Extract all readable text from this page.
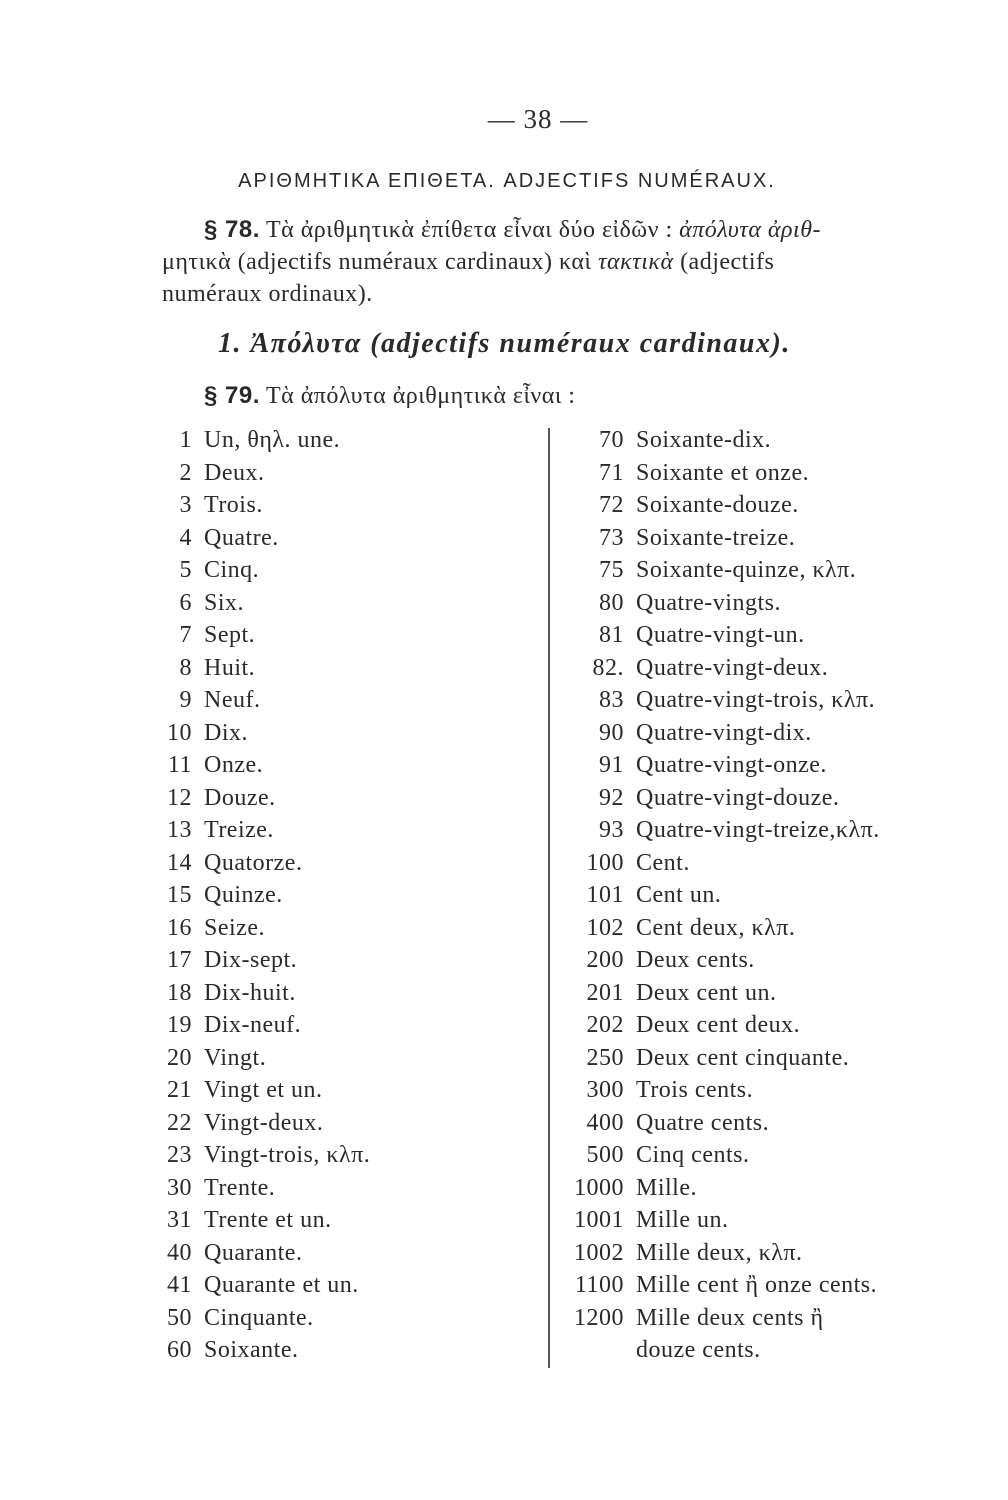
— 38 —
ΑΡΙΘΜΗΤΙΚΑ ΕΠΙΘΕΤΑ. ADJECTIFS NUMÉRAUX.
§ 78. Τὰ ἀριθμητικὰ ἐπίθετα εἶναι δύο εἰδῶν : ἀπόλυτα ἀριθ-
μητικὰ (adjectifs numéraux cardinaux) καὶ τακτικὰ (adjectifs
numéraux ordinaux).
1. Ἀπόλυτα (adjectifs numéraux cardinaux).
§ 79. Τὰ ἀπόλυτα ἀριθμητικὰ εἶναι :
1 Un, θηλ. une.
2 Deux.
3 Trois.
4 Quatre.
5 Cinq.
6 Six.
7 Sept.
8 Huit.
9 Neuf.
10 Dix.
11 Onze.
12 Douze.
13 Treize.
14 Quatorze.
15 Quinze.
16 Seize.
17 Dix-sept.
18 Dix-huit.
19 Dix-neuf.
20 Vingt.
21 Vingt et un.
22 Vingt-deux.
23 Vingt-trois, κλπ.
30 Trente.
31 Trente et un.
40 Quarante.
41 Quarante et un.
50 Cinquante.
60 Soixante.
70 Soixante-dix.
71 Soixante et onze.
72 Soixante-douze.
73 Soixante-treize.
75 Soixante-quinze, κλπ.
80 Quatre-vingts.
81 Quatre-vingt-un.
82. Quatre-vingt-deux.
83 Quatre-vingt-trois, κλπ.
90 Quatre-vingt-dix.
91 Quatre-vingt-onze.
92 Quatre-vingt-douze.
93 Quatre-vingt-treize,κλπ.
100 Cent.
101 Cent un.
102 Cent deux, κλπ.
200 Deux cents.
201 Deux cent un.
202 Deux cent deux.
250 Deux cent cinquante.
300 Trois cents.
400 Quatre cents.
500 Cinq cents.
1000 Mille.
1001 Mille un.
1002 Mille deux, κλπ.
1100 Mille cent ἢ onze cents.
1200 Mille deux cents ἢ
douze cents.
